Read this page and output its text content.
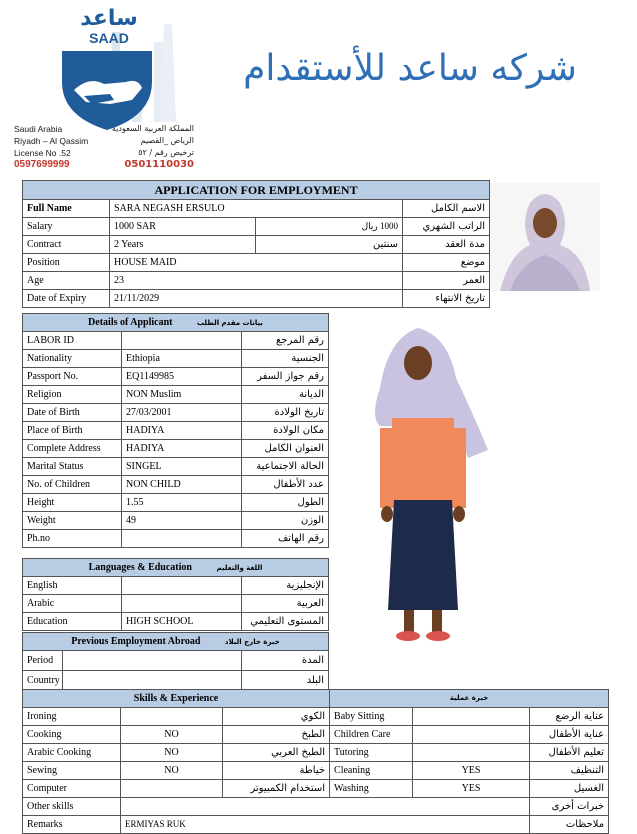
ساعد
SAAD
Saudi Arabia
Riyadh – Al Qassim
License No .52
0597699999
المملكة العربية السعودية
الرياض _القصيم
ترخيص رقم / ٥٢
0501110030
شركه ساعد للأستقدام
APPLICATION FOR EMPLOYMENT			
Full Name	SARA NEGASH ERSULO		الاسم الكامل
Salary	1000 SAR	1000 ريال	الراتب الشهري
Contract	2 Years	سنتين	مدة العقد
Position	HOUSE MAID		موضع
Age	23		العمر
Date of Expiry	21/11/2029		تاريخ الانتهاء
Details of Applicant بيانات مقدم الطلب		
LABOR ID		رقم المرجع
Nationality	Ethiopia	الجنسية
Passport No.	EQ1149985	رقم جواز السفر
Religion	NON Muslim	الديانة
Date of Birth	27/03/2001	تاريخ الولادة
Place of Birth	HADIYA	مكان الولادة
Complete Address	HADIYA	العنوان الكامل
Marital Status	SINGEL	الحالة الاجتماعية
No. of Children	NON CHILD	عدد الأطفال
Height	1.55	الطول
Weight	49	الوزن
Ph.no		رقم الهاتف
Languages & Education اللغة والتعليم		
English		الإنجليزية
Arabic		العربية
Education	HIGH SCHOOL	المستوى التعليمي
Previous Employment Abroad خبرة خارج البلاد		
Period		المدة
Country		البلد
Skills & Experience			خبرة عملية		
Ironing		الكوي	Baby Sitting		عناية الرضع
Cooking	NO	الطبخ	Children Care		عناية الأطفال
Arabic Cooking	NO	الطبخ العربي	Tutoring		تعليم الأطفال
Sewing	NO	خياطة	Cleaning	YES	التنظيف
Computer		استخدام الكمبيوتر	Washing	YES	الغسيل
Other skills					خبرات أخرى
Remarks	ERMIYAS RUK				ملاحظات
